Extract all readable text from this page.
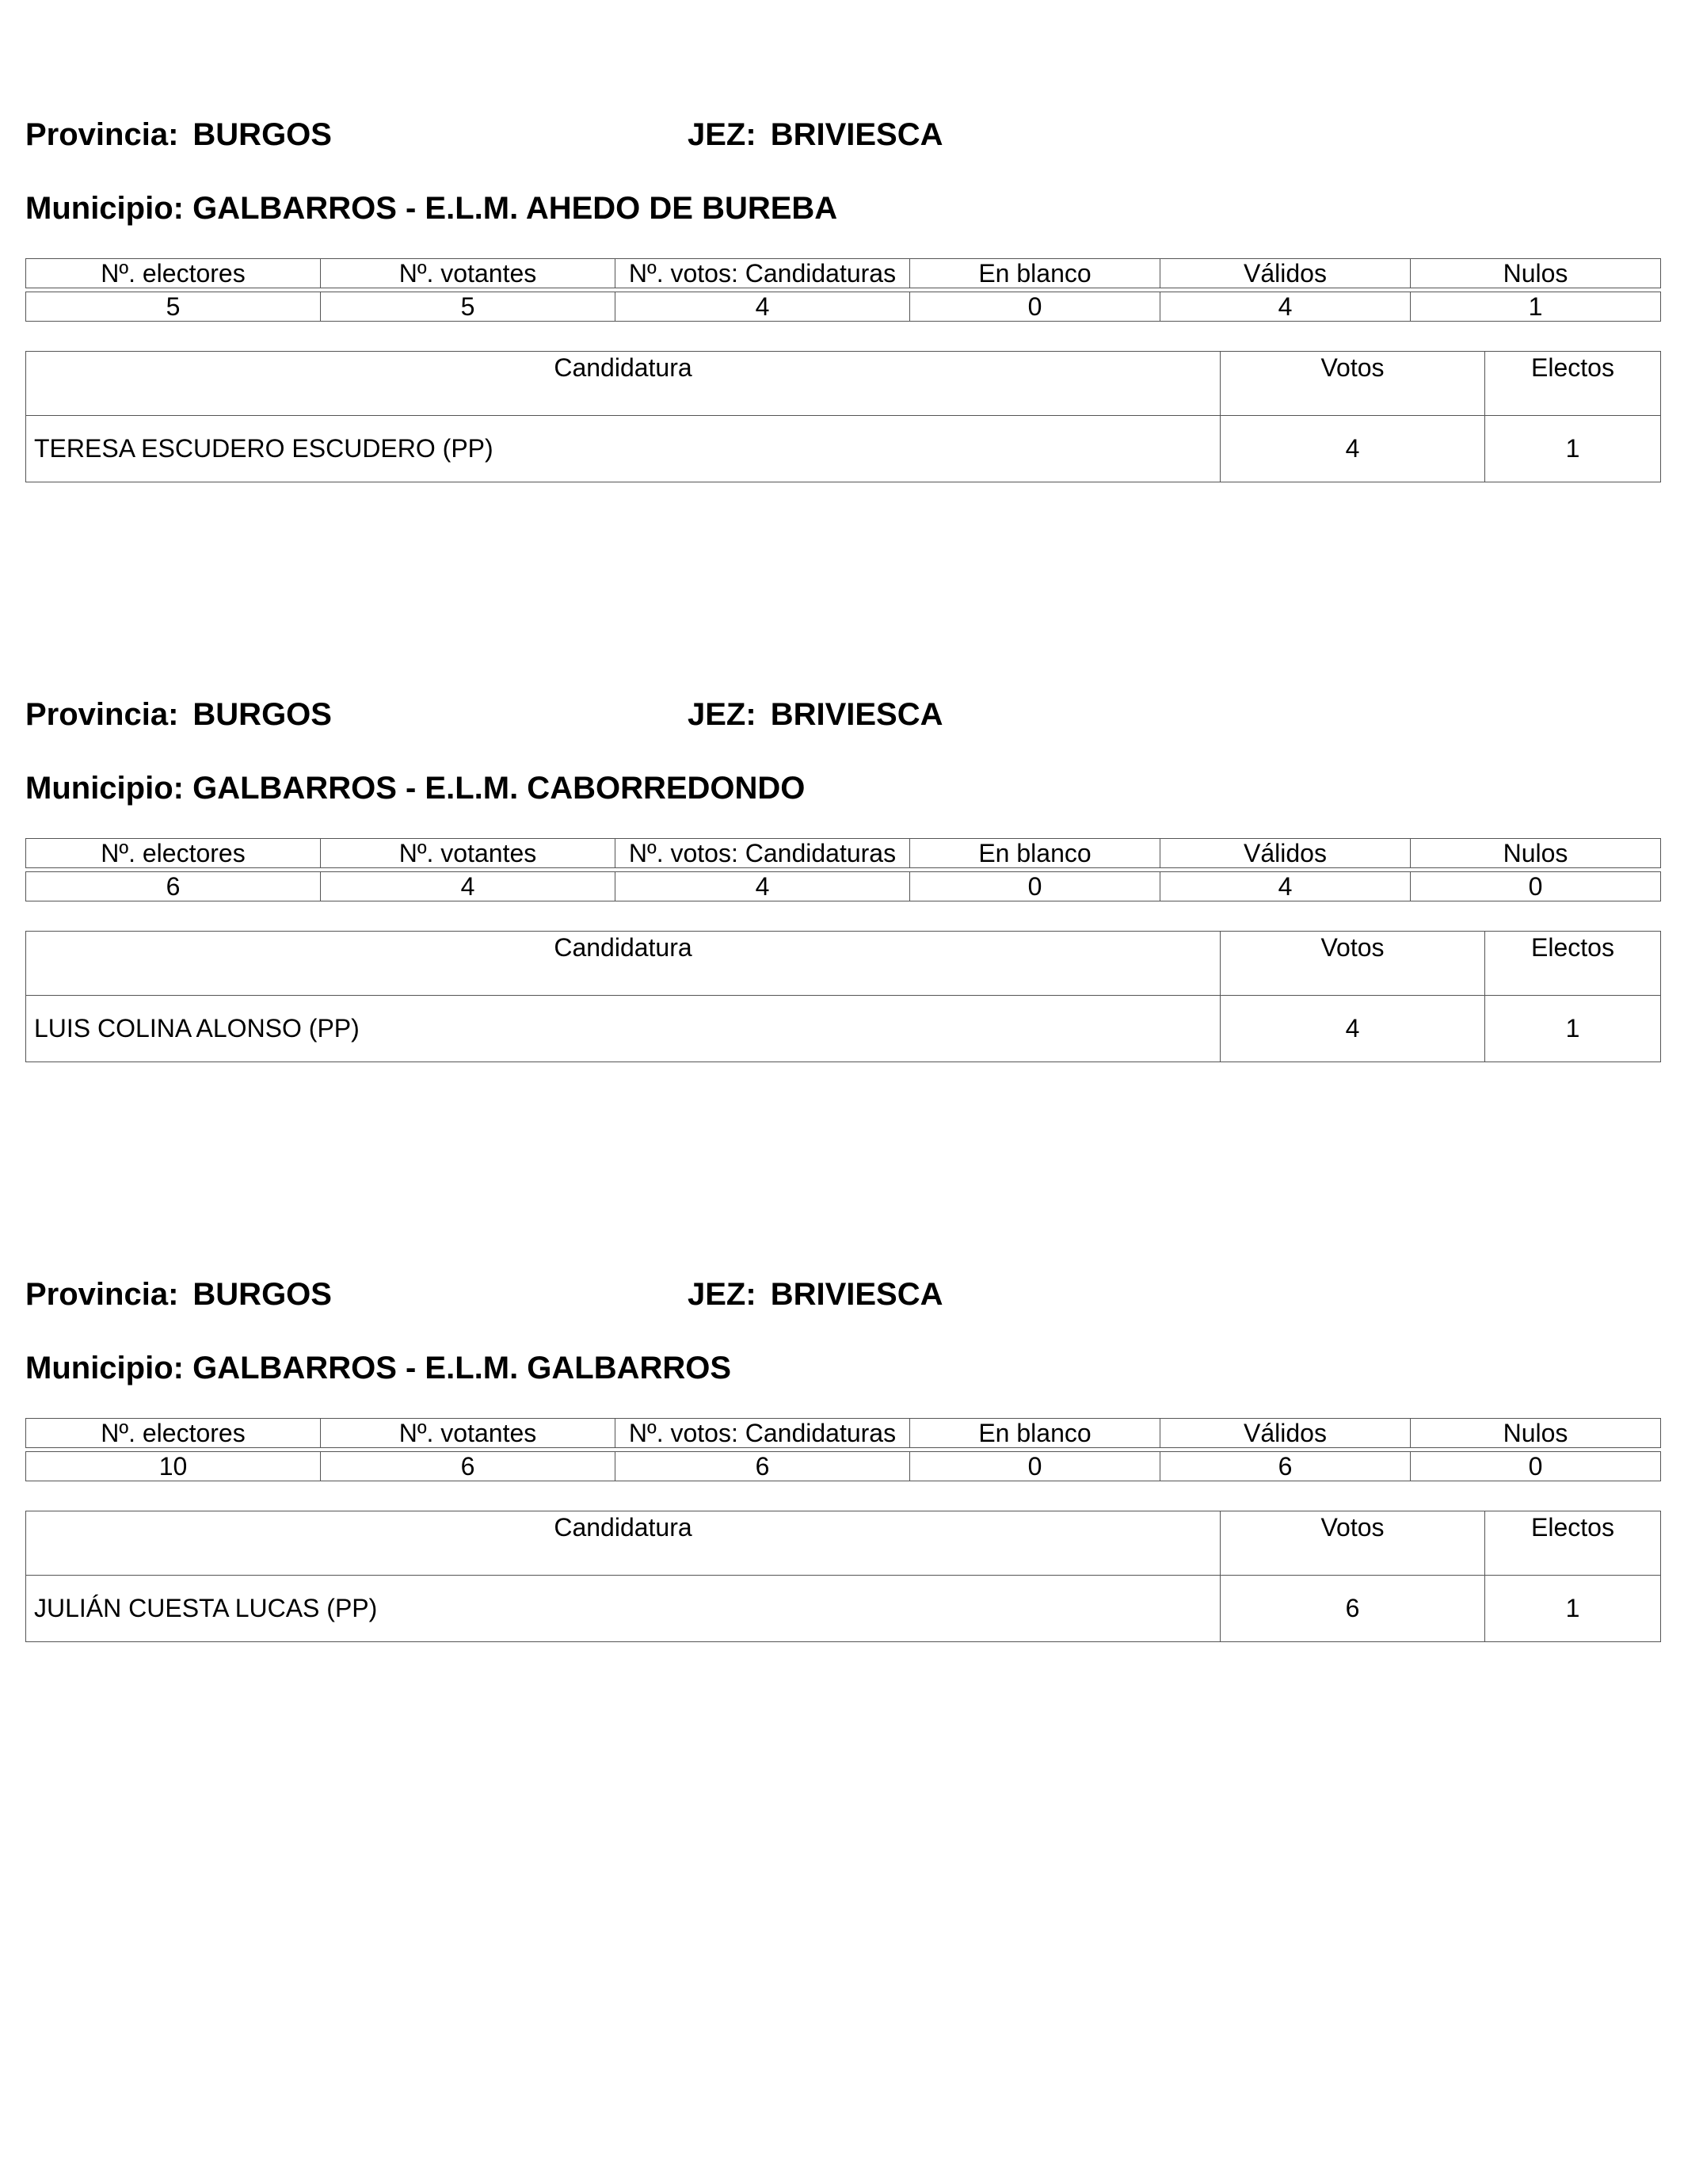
Provincia: BURGOS	JEZ: BRIVIESCA
Municipio: GALBARROS - E.L.M. AHEDO DE BUREBA
Nº. electores	Nº. votantes	Nº. votos: Candidaturas	En blanco	Válidos	Nulos

5	5	4	0	4	1
Candidatura	Votos	Electos
TERESA ESCUDERO ESCUDERO (PP)	4	1
Provincia: BURGOS	JEZ: BRIVIESCA
Municipio: GALBARROS - E.L.M. CABORREDONDO
Nº. electores	Nº. votantes	Nº. votos: Candidaturas	En blanco	Válidos	Nulos

6	4	4	0	4	0
Candidatura	Votos	Electos
LUIS COLINA ALONSO (PP)	4	1
Provincia: BURGOS	JEZ: BRIVIESCA
Municipio: GALBARROS - E.L.M. GALBARROS
Nº. electores	Nº. votantes	Nº. votos: Candidaturas	En blanco	Válidos	Nulos

10	6	6	0	6	0
Candidatura	Votos	Electos
JULIÁN CUESTA LUCAS (PP)	6	1
